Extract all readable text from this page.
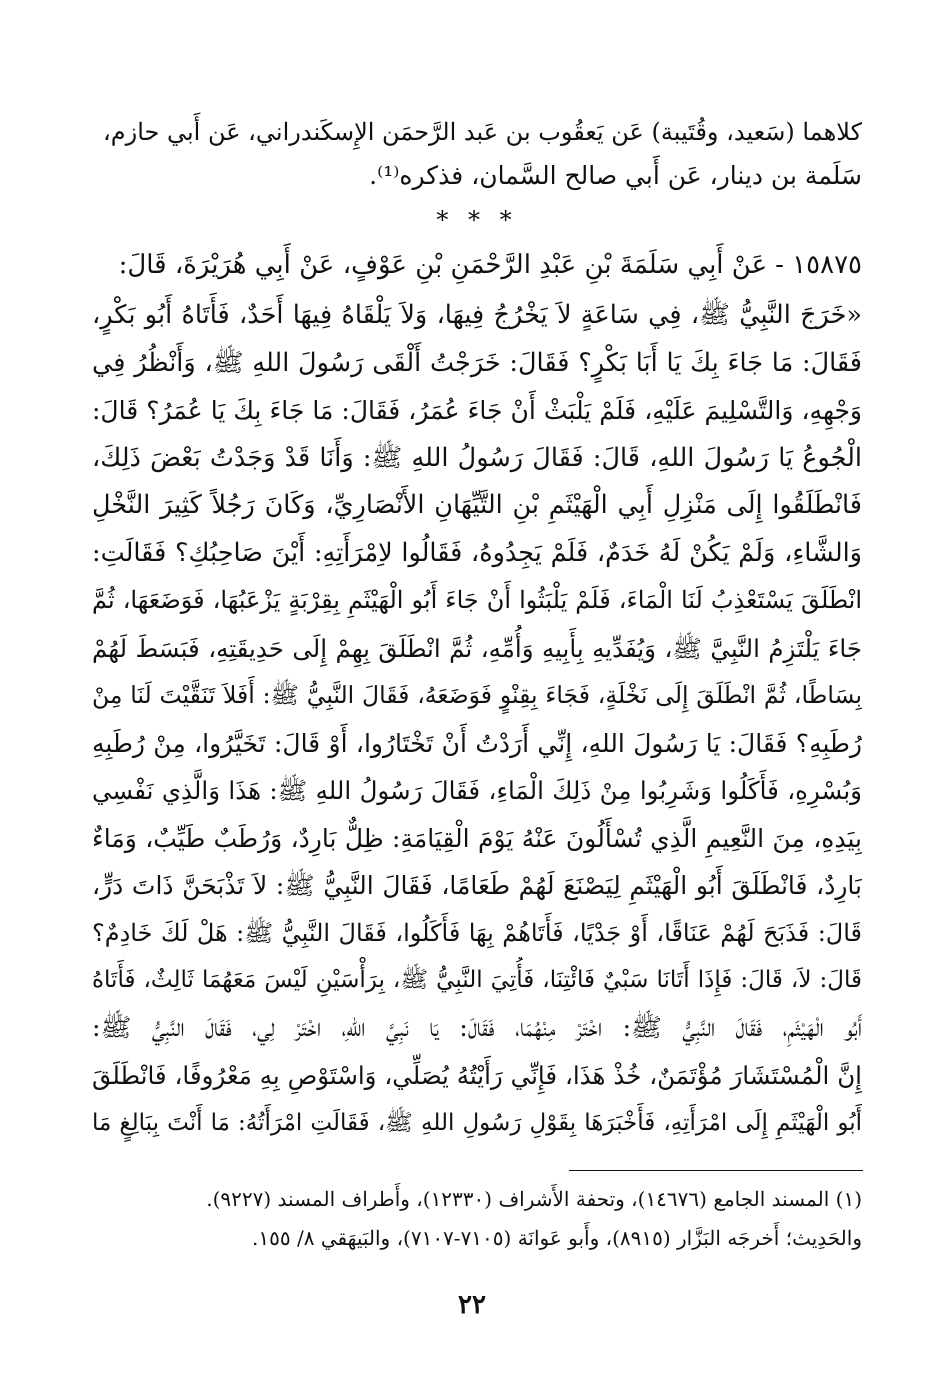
كلاهما (سَعيد، وقُتَيبة) عَن يَعقُوب بن عَبد الرَّحمَن الإِسكَندراني، عَن أَبي حازم،
سَلَمة بن دينار، عَن أَبي صالح السَّمان، فذكره⁽¹⁾.
* * *
١٥٨٧٥ -عَنْ أَبِي سَلَمَةَ بْنِ عَبْدِ الرَّحْمَنِ بْنِ عَوْفٍ، عَنْ أَبِي هُرَيْرَةَ، قَالَ:
«خَرَجَ النَّبِيُّ ﷺ، فِي سَاعَةٍ لاَ يَخْرُجُ فِيهَا، وَلاَ يَلْقَاهُ فِيهَا أَحَدٌ، فَأَتَاهُ أَبُو بَكْرٍ،
فَقَالَ: مَا جَاءَ بِكَ يَا أَبَا بَكْرٍ؟ فَقَالَ: خَرَجْتُ أَلْقَى رَسُولَ اللهِ ﷺ، وَأَنْظُرُ فِي
وَجْهِهِ، وَالتَّسْلِيمَ عَلَيْهِ، فَلَمْ يَلْبَثْ أَنْ جَاءَ عُمَرُ، فَقَالَ: مَا جَاءَ بِكَ يَا عُمَرُ؟ قَالَ:
الْجُوعُ يَا رَسُولَ اللهِ، قَالَ: فَقَالَ رَسُولُ اللهِ ﷺ: وَأَنَا قَدْ وَجَدْتُ بَعْضَ ذَلِكَ،
فَانْطَلَقُوا إِلَى مَنْزِلِ أَبِي الْهَيْثَمِ بْنِ التَّيِّهَانِ الأَنْصَارِيِّ، وَكَانَ رَجُلاً كَثِيرَ النَّخْلِ
وَالشَّاءِ، وَلَمْ يَكُنْ لَهُ خَدَمٌ، فَلَمْ يَجِدُوهُ، فَقَالُوا لاِمْرَأَتِهِ: أَيْنَ صَاحِبُكِ؟ فَقَالَتِ:
انْطَلَقَ يَسْتَعْذِبُ لَنَا الْمَاءَ، فَلَمْ يَلْبَثُوا أَنْ جَاءَ أَبُو الْهَيْثَمِ بِقِرْبَةٍ يَزْعَبُهَا، فَوَضَعَهَا، ثُمَّ
جَاءَ يَلْتَزِمُ النَّبِيَّ ﷺ، وَيُفَدِّيهِ بِأَبِيهِ وَأُمِّهِ، ثُمَّ انْطَلَقَ بِهِمْ إِلَى حَدِيقَتِهِ، فَبَسَطَ لَهُمْ
بِسَاطًا، ثُمَّ انْطَلَقَ إِلَى نَخْلَةٍ، فَجَاءَ بِقِنْوٍ فَوَضَعَهُ، فَقَالَ النَّبِيُّ ﷺ: أَفَلاَ تَنَقَّيْتَ لَنَا مِنْ
رُطَبِهِ؟ فَقَالَ: يَا رَسُولَ اللهِ، إِنِّي أَرَدْتُ أَنْ تَخْتَارُوا، أَوْ قَالَ: تَخَيَّرُوا، مِنْ رُطَبِهِ
وَبُسْرِهِ، فَأَكَلُوا وَشَرِبُوا مِنْ ذَلِكَ الْمَاءِ، فَقَالَ رَسُولُ اللهِ ﷺ: هَذَا وَالَّذِي نَفْسِي
بِيَدِهِ، مِنَ النَّعِيمِ الَّذِي تُسْأَلُونَ عَنْهُ يَوْمَ الْقِيَامَةِ: ظِلٌّ بَارِدٌ، وَرُطَبٌ طَيِّبٌ، وَمَاءٌ
بَارِدٌ، فَانْطَلَقَ أَبُو الْهَيْثَمِ لِيَصْنَعَ لَهُمْ طَعَامًا، فَقَالَ النَّبِيُّ ﷺ: لاَ تَذْبَحَنَّ ذَاتَ دَرٍّ،
قَالَ: فَذَبَحَ لَهُمْ عَنَاقًا، أَوْ جَدْيًا، فَأَتَاهُمْ بِهَا فَأَكَلُوا، فَقَالَ النَّبِيُّ ﷺ: هَلْ لَكَ خَادِمٌ؟
قَالَ: لاَ، قَالَ: فَإِذَا أَتَانَا سَبْيٌ فَائْتِنَا، فَأُتِيَ النَّبِيُّ ﷺ، بِرَأْسَيْنِ لَيْسَ مَعَهُمَا ثَالِثٌ، فَأَتَاهُ
أَبُو الْهَيْثَمِ، فَقَالَ النَّبِيُّ ﷺ: اخْتَرْ مِنْهُمَا، فَقَالَ: يَا نَبِيَّ اللهِ، اخْتَرْ لِي، فَقَالَ النَّبِيُّ ﷺ:
إِنَّ الْمُسْتَشَارَ مُؤْتَمَنٌ، خُذْ هَذَا، فَإِنِّي رَأَيْتُهُ يُصَلِّي، وَاسْتَوْصِ بِهِ مَعْرُوفًا، فَانْطَلَقَ
أَبُو الْهَيْثَمِ إِلَى امْرَأَتِهِ، فَأَخْبَرَهَا بِقَوْلِ رَسُولِ اللهِ ﷺ، فَقَالَتِ امْرَأَتُهُ: مَا أَنْتَ بِبَالِغٍ مَا
(١) المسند الجامع (١٤٦٧٦)، وتحفة الأَشراف (١٢٣٣٠)، وأَطراف المسند (٩٢٢٧).
والحَدِيث؛ أَخرجَه البَزَّار (٨٩١٥)، وأَبو عَوانَة (٧١٠٥-٧١٠٧)، والبَيهَقي ٨/ ١٥٥.
٢٢
